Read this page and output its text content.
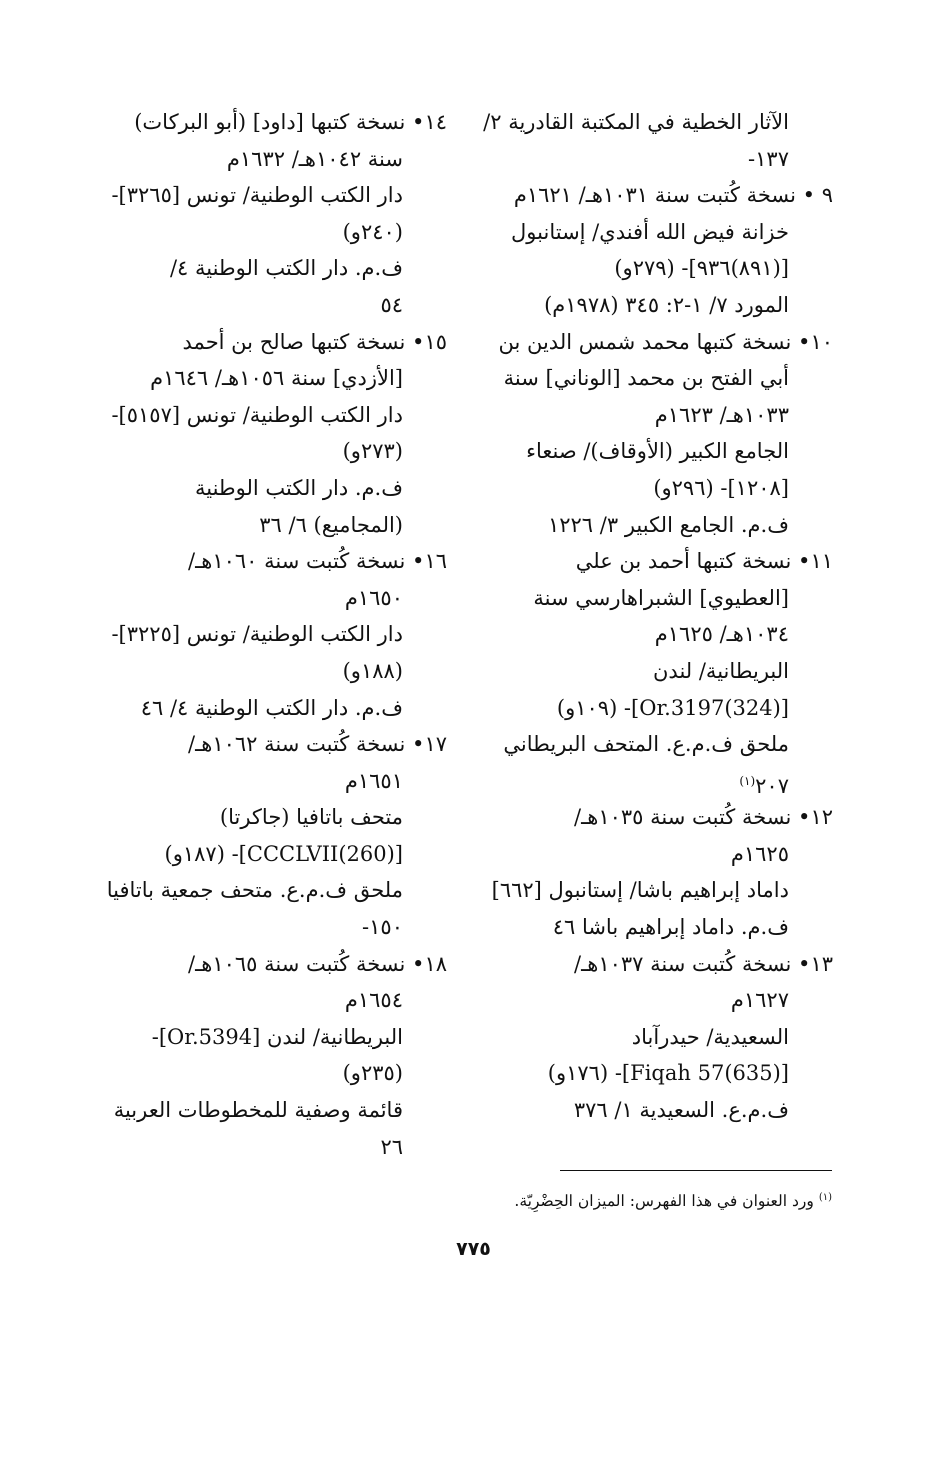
الآثار الخطية في المكتبة القادرية ٢/
١٣٧-
٩ • نسخة كُتبت سنة ١٠٣١هـ/ ١٦٢١م
خزانة فيض الله أفندي/ إستانبول
[(٨٩١)٩٣٦]- (٢٧٩و)
المورد ٧/ ١-٢: ٣٤٥ (١٩٧٨م)
١٠• نسخة كتبها محمد شمس الدين بن
أبي الفتح بن محمد [الوناني] سنة
١٠٣٣هـ/ ١٦٢٣م
الجامع الكبير (الأوقاف)/ صنعاء
[١٢٠٨]- (٢٩٦و)
ف.م. الجامع الكبير ٣/ ١٢٢٦
١١• نسخة كتبها أحمد بن علي
[العطيوي] الشبراهارسي سنة
١٠٣٤هـ/ ١٦٢٥م
البريطانية/ لندن
[(324)Or.3197]- (١٠٩و)
ملحق ف.م.ع. المتحف البريطاني
٢٠٧$^{(١)}$
١٢• نسخة كُتبت سنة ١٠٣٥هـ/
١٦٢٥م
داماد إبراهيم باشا/ إستانبول [٦٦٢]
ف.م. داماد إبراهيم باشا ٤٦
١٣• نسخة كُتبت سنة ١٠٣٧هـ/
١٦٢٧م
السعيدية/ حيدرآباد
[(635)Fiqah 57]- (١٧٦و)
ف.م.ع. السعيدية ١/ ٣٧٦
١٤• نسخة كتبها [داود] (أبو البركات)
سنة ١٠٤٢هـ/ ١٦٣٢م
دار الكتب الوطنية/ تونس [٣٢٦٥]-
(٢٤٠و)
ف.م. دار الكتب الوطنية ٤/
٥٤
١٥• نسخة كتبها صالح بن أحمد
[الأزدي] سنة ١٠٥٦هـ/ ١٦٤٦م
دار الكتب الوطنية/ تونس [٥١٥٧]-
(٢٧٣و)
ف.م. دار الكتب الوطنية
(المجاميع) ٦/ ٣٦
١٦• نسخة كُتبت سنة ١٠٦٠هـ/
١٦٥٠م
دار الكتب الوطنية/ تونس [٣٢٢٥]-
(١٨٨و)
ف.م. دار الكتب الوطنية ٤/ ٤٦
١٧• نسخة كُتبت سنة ١٠٦٢هـ/
١٦٥١م
متحف باتافيا (جاكرتا)
[(260)CCCLVII]- (١٨٧و)
ملحق ف.م.ع. متحف جمعية باتافيا
١٥٠-
١٨• نسخة كُتبت سنة ١٠٦٥هـ/
١٦٥٤م
البريطانية/ لندن [Or.5394]-
(٢٣٥و)
قائمة وصفية للمخطوطات العربية
٢٦
$^{(١)}$ ورد العنوان في هذا الفهرس: الميزان الحِضْرِيّة.
٧٧٥
